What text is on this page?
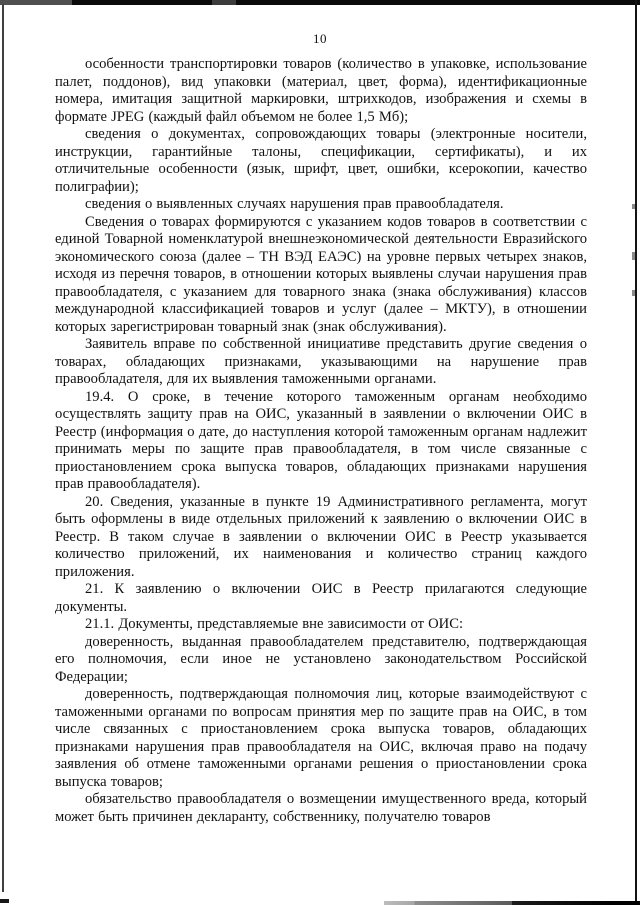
10

особенности транспортировки товаров (количество в упаковке, использование палет, поддонов), вид упаковки (материал, цвет, форма), идентификационные номера, имитация защитной маркировки, штрихкодов, изображения и схемы в формате JPEG (каждый файл объемом не более 1,5 Мб);

сведения о документах, сопровождающих товары (электронные носители, инструкции, гарантийные талоны, спецификации, сертификаты), и их отличительные особенности (язык, шрифт, цвет, ошибки, ксерокопии, качество полиграфии);

сведения о выявленных случаях нарушения прав правообладателя.

Сведения о товарах формируются с указанием кодов товаров в соответствии с единой Товарной номенклатурой внешнеэкономической деятельности Евразийского экономического союза (далее – ТН ВЭД ЕАЭС) на уровне первых четырех знаков, исходя из перечня товаров, в отношении которых выявлены случаи нарушения прав правообладателя, с указанием для товарного знака (знака обслуживания) классов международной классификацией товаров и услуг (далее – МКТУ), в отношении которых зарегистрирован товарный знак (знак обслуживания).

Заявитель вправе по собственной инициативе представить другие сведения о товарах, обладающих признаками, указывающими на нарушение прав правообладателя, для их выявления таможенными органами.

19.4. О сроке, в течение которого таможенным органам необходимо осуществлять защиту прав на ОИС, указанный в заявлении о включении ОИС в Реестр (информация о дате, до наступления которой таможенным органам надлежит принимать меры по защите прав правообладателя, в том числе связанные с приостановлением срока выпуска товаров, обладающих признаками нарушения прав правообладателя).

20. Сведения, указанные в пункте 19 Административного регламента, могут быть оформлены в виде отдельных приложений к заявлению о включении ОИС в Реестр. В таком случае в заявлении о включении ОИС в Реестр указывается количество приложений, их наименования и количество страниц каждого приложения.

21. К заявлению о включении ОИС в Реестр прилагаются следующие документы.

21.1. Документы, представляемые вне зависимости от ОИС:

доверенность, выданная правообладателем представителю, подтверждающая его полномочия, если иное не установлено законодательством Российской Федерации;

доверенность, подтверждающая полномочия лиц, которые взаимодействуют с таможенными органами по вопросам принятия мер по защите прав на ОИС, в том числе связанных с приостановлением срока выпуска товаров, обладающих признаками нарушения прав правообладателя на ОИС, включая право на подачу заявления об отмене таможенными органами решения о приостановлении срока выпуска товаров;

обязательство правообладателя о возмещении имущественного вреда, который может быть причинен декларанту, собственнику, получателю товаров
